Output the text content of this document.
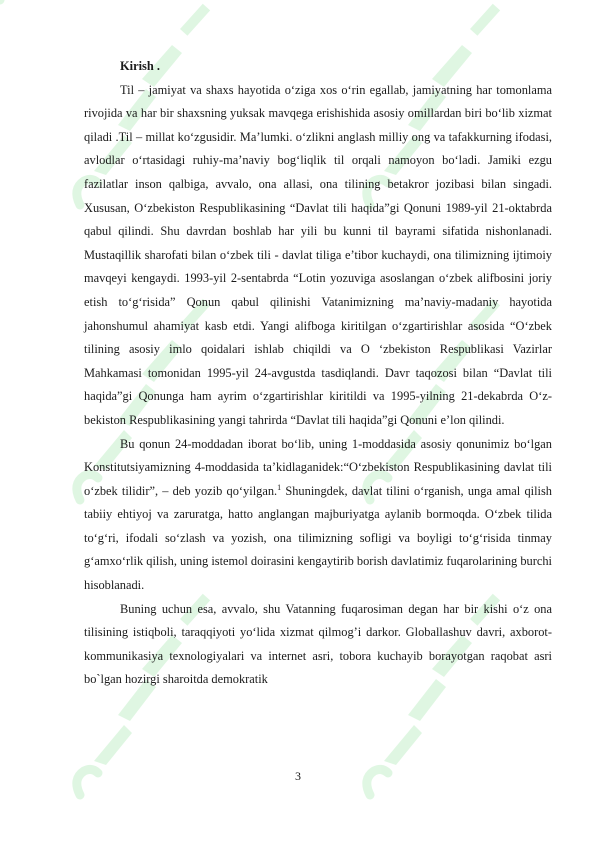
Kirish .

Til – jamiyat va shaxs hayotida o‘ziga xos o‘rin egallab, jamiyatning har tomonlama rivojida va har bir shaxsning yuksak mavqega erishishida asosiy omillardan biri bo‘lib xizmat qiladi .Til – millat ko‘zgusidir. Ma’lumki. o‘zlikni anglash milliy ong va tafakkurning ifodasi, avlodlar o‘rtasidagi ruhiy-ma’naviy bog‘liqlik til orqali namoyon bo‘ladi. Jamiki ezgu fazilatlar inson qalbiga, avvalo, ona allasi, ona tilining betakror jozibasi bilan singadi. Xususan, O‘zbekiston Respublikasining “Davlat tili haqida”gi Qonuni 1989-yil 21-oktabrda qabul qilindi. Shu davrdan boshlab har yili bu kunni til bayrami sifatida nishonlanadi. Mustaqillik sharofati bilan o‘zbek tili - davlat tiliga e’tibor kuchaydi, ona tilimizning ijtimoiy mavqeyi kengaydi. 1993-yil 2-sentabrda “Lotin yozuviga asoslangan o‘zbek alifbosini joriy etish to‘g‘risida” Qonun qabul qilinishi Vatanimizning ma’naviy-madaniy hayotida jahonshumul ahamiyat kasb etdi. Yangi alifboga kiritilgan o‘zgartirishlar asosida “O‘zbek tilining asosiy imlo qoidalari ishlab chiqildi va O ‘zbekiston Respublikasi Vazirlar Mahkamasi tomonidan 1995-yil 24-avgustda tasdiqlandi. Davr taqozosi bilan “Davlat tili haqida”gi Qonunga ham ayrim o‘zgartirishlar kiritildi va 1995-yilning 21-dekabrda O‘z-bekiston Respublikasining yangi tahrirda “Davlat tili haqida”gi Qonuni e’lon qilindi.

Bu qonun 24-moddadan iborat bo‘lib, uning 1-moddasida asosiy qonunimiz bo‘lgan Konstitutsiyamizning 4-moddasida ta’kidlaganidek:“O‘zbekiston Respublikasining davlat tili o‘zbek tilidir”, – deb yozib qo‘yilgan.$^1$ Shuningdek, davlat tilini o‘rganish, unga amal qilish tabiiy ehtiyoj va zaruratga, hatto anglangan majburiyatga aylanib bormoqda. O‘zbek tilida to‘g‘ri, ifodali so‘zlash va yozish, ona tilimizning sofligi va boyligi to‘g‘risida tinmay g‘amxo‘rlik qilish, uning istemol doirasini kengaytirib borish davlatimiz fuqarolarining burchi hisoblanadi.

Buning uchun esa, avvalo, shu Vatanning fuqarosiman degan har bir kishi o‘z ona tilisining istiqboli, taraqqiyoti yo‘lida xizmat qilmog’i darkor. Globallashuv davri, axborot-kommunikasiya texnologiyalari va internet asri, tobora kuchayib borayotgan raqobat asri bo`lgan hozirgi sharoitda demokratik

3
